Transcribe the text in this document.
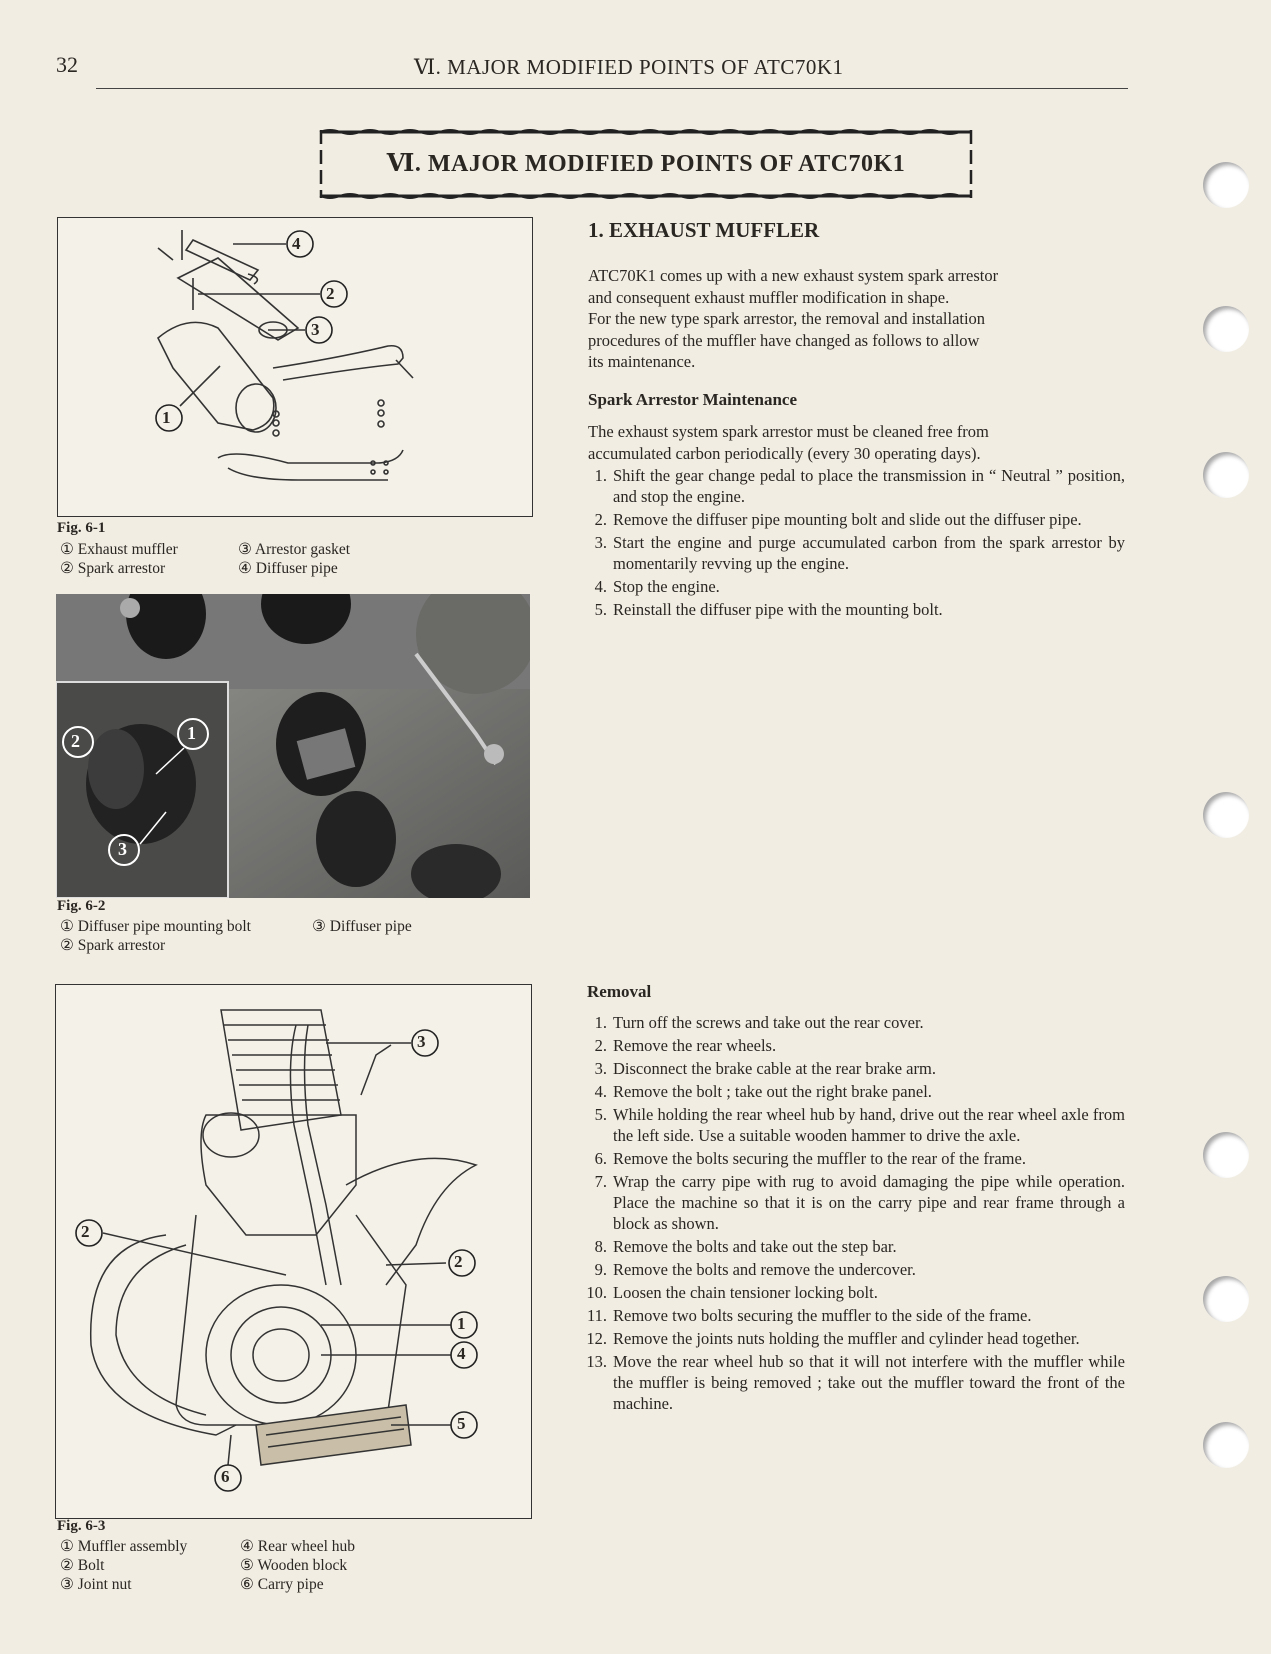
32	Ⅵ. MAJOR MODIFIED POINTS OF ATC70K1
Ⅵ. MAJOR MODIFIED POINTS OF ATC70K1
4
2
3
1
Fig. 6-1
① Exhaust muffler
② Spark arrestor
③ Arrestor gasket
④ Diffuser pipe
2	1
3
Fig. 6-2
① Diffuser pipe mounting bolt	③ Diffuser pipe
② Spark arrestor
3
2
2
1
4
5
6
Fig. 6-3
① Muffler assembly
② Bolt
③ Joint nut
④ Rear wheel hub
⑤ Wooden block
⑥ Carry pipe
1. EXHAUST MUFFLER
ATC70K1 comes up with a new exhaust system spark arrestor
and consequent exhaust muffler modification in shape.
For the new type spark arrestor, the removal and installation
procedures of the muffler have changed as follows to allow
its maintenance.
Spark Arrestor Maintenance
The exhaust system spark arrestor must be cleaned free from
accumulated carbon periodically (every 30 operating days).
1. Shift the gear change pedal to place the transmission in “ Neutral ” position, and stop the engine.
2. Remove the diffuser pipe mounting bolt and slide out the diffuser pipe.
3. Start the engine and purge accumulated carbon from the spark arrestor by momentarily revving up the engine.
4. Stop the engine.
5. Reinstall the diffuser pipe with the mounting bolt.
Removal
1. Turn off the screws and take out the rear cover.
2. Remove the rear wheels.
3. Disconnect the brake cable at the rear brake arm.
4. Remove the bolt ; take out the right brake panel.
5. While holding the rear wheel hub by hand, drive out the rear wheel axle from the left side. Use a suitable wooden hammer to drive the axle.
6. Remove the bolts securing the muffler to the rear of the frame.
7. Wrap the carry pipe with rug to avoid damaging the pipe while operation. Place the machine so that it is on the carry pipe and rear frame through a block as shown.
8. Remove the bolts and take out the step bar.
9. Remove the bolts and remove the undercover.
10. Loosen the chain tensioner locking bolt.
11. Remove two bolts securing the muffler to the side of the frame.
12. Remove the joints nuts holding the muffler and cylinder head together.
13. Move the rear wheel hub so that it will not interfere with the muffler while the muffler is being removed ; take out the muffler toward the front of the machine.
